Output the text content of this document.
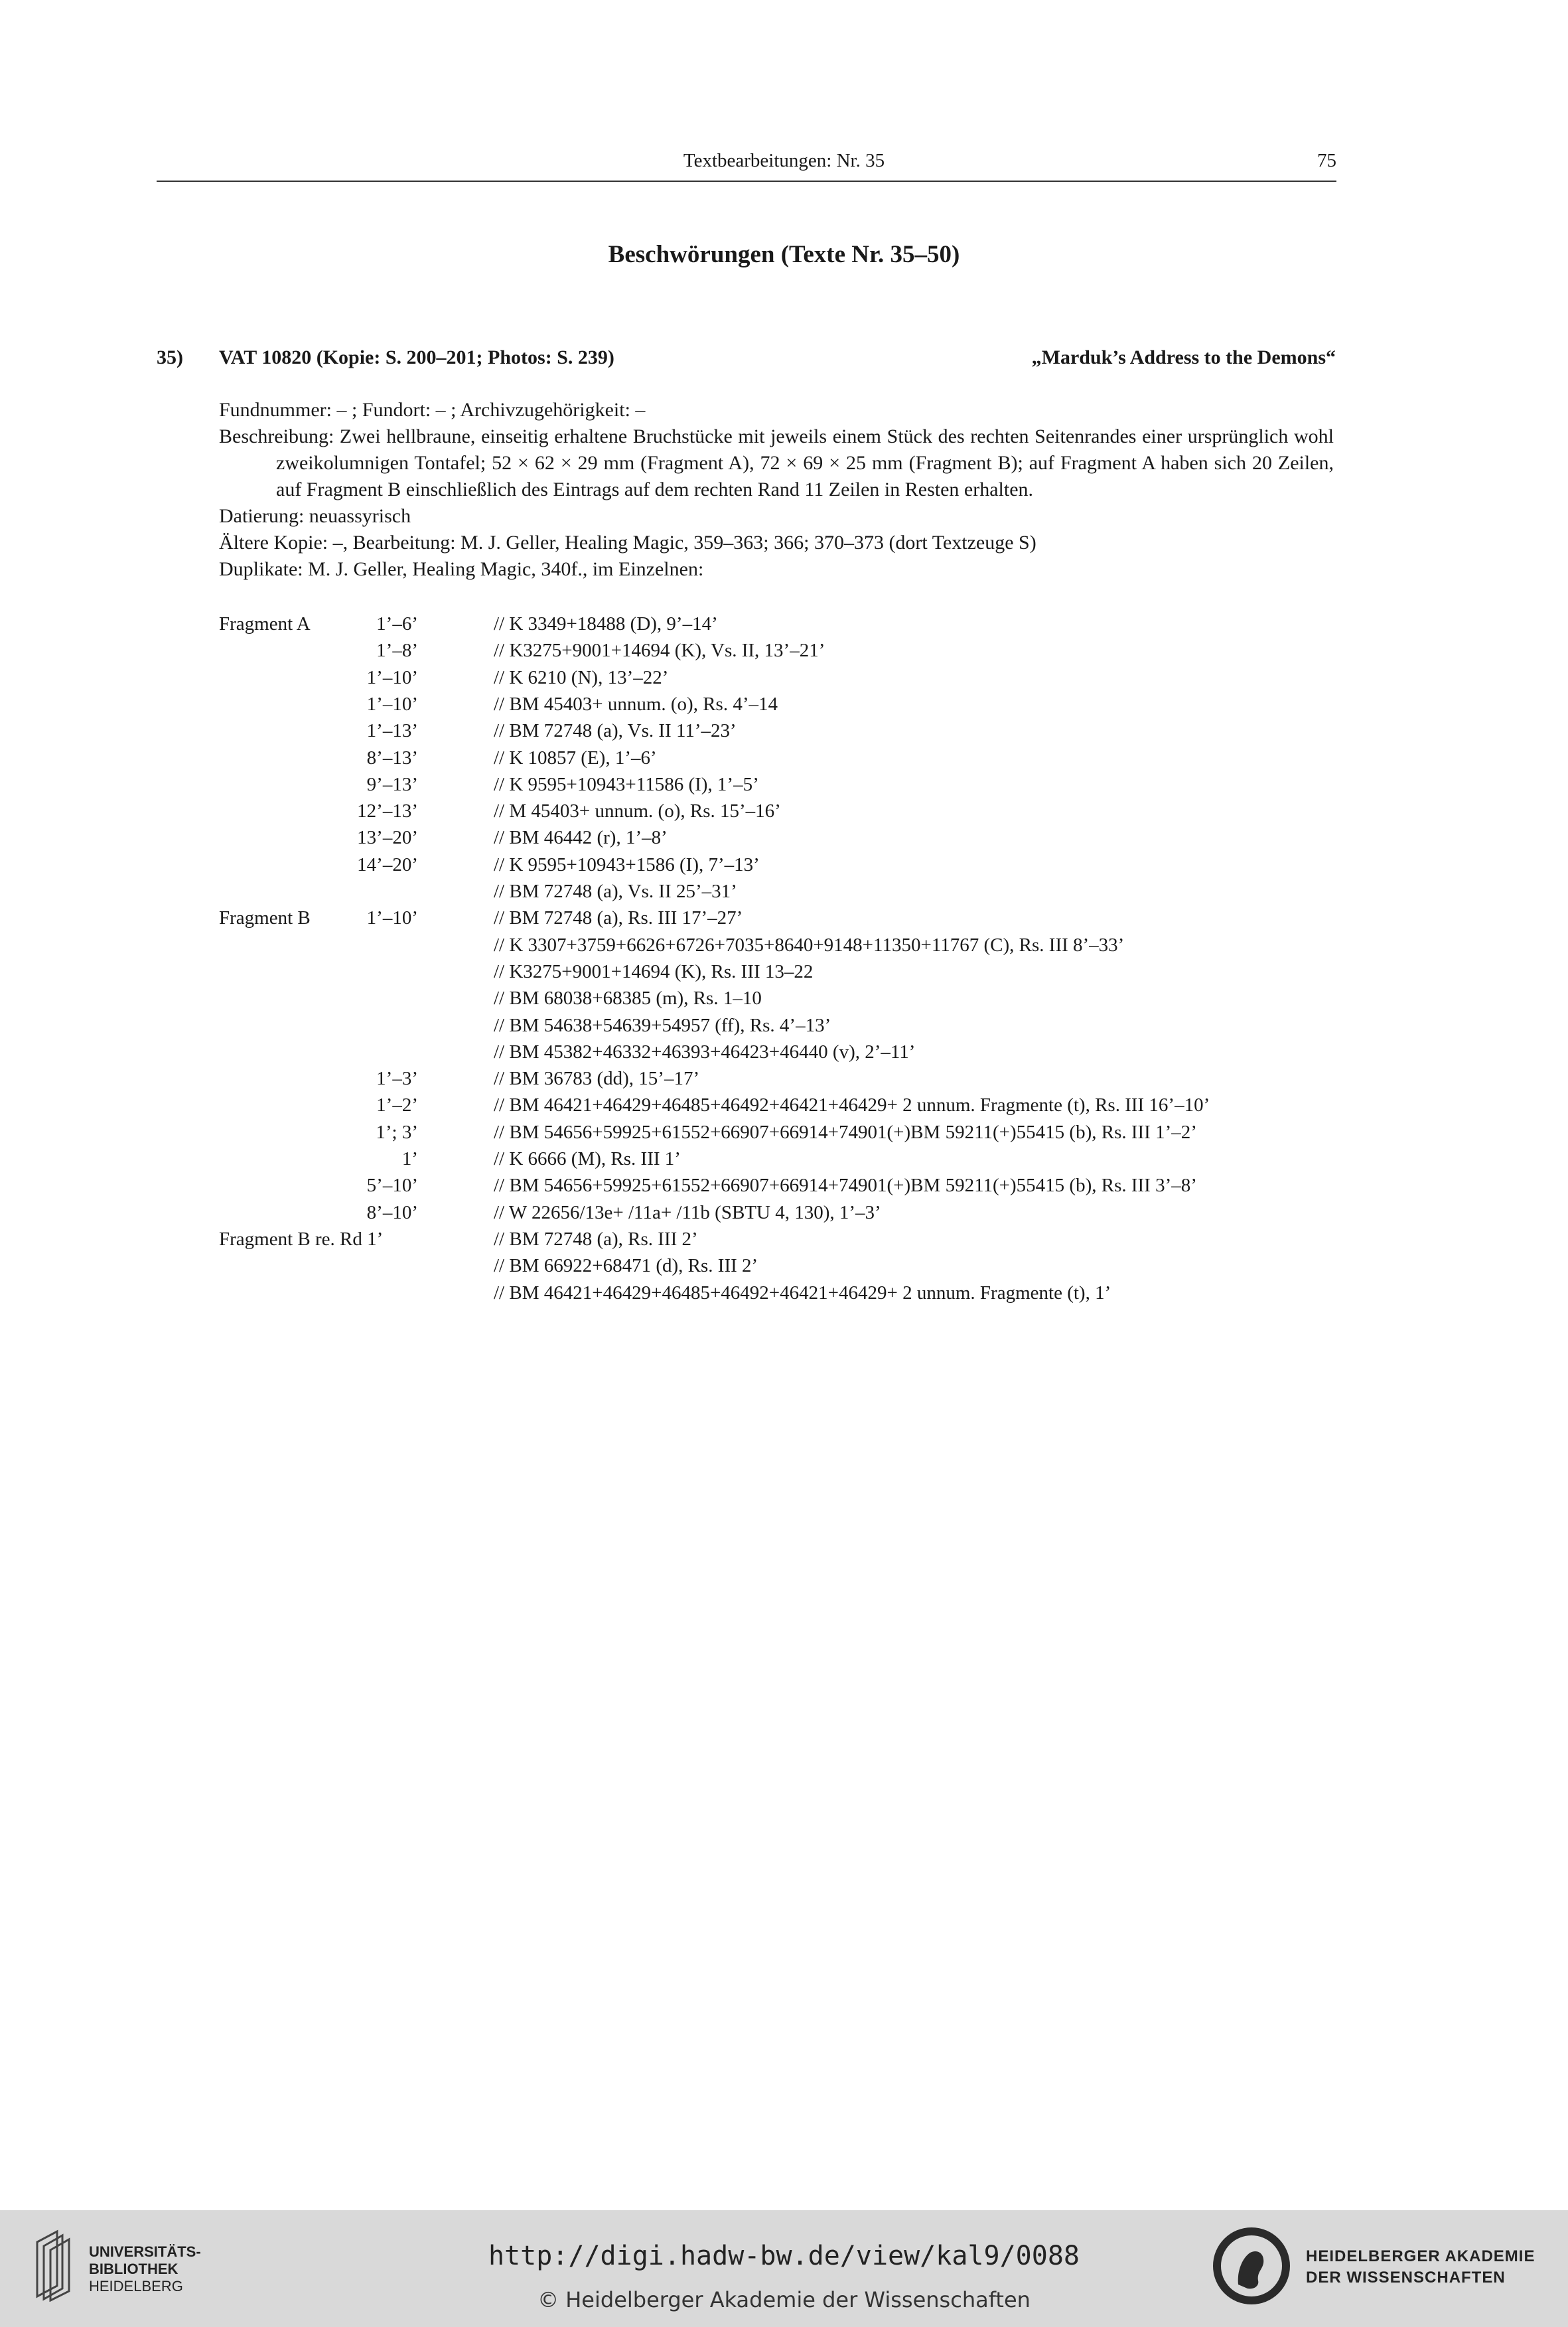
Textbearbeitungen: Nr. 35	75
Beschwörungen (Texte Nr. 35–50)
35) VAT 10820 (Kopie: S. 200–201; Photos: S. 239)	„Marduk’s Address to the Demons“
Fundnummer: – ; Fundort: – ; Archivzugehörigkeit: –
Beschreibung: Zwei hellbraune, einseitig erhaltene Bruchstücke mit jeweils einem Stück des rechten Seitenrandes einer ursprünglich wohl zweikolumnigen Tontafel; 52 × 62 × 29 mm (Fragment A), 72 × 69 × 25 mm (Fragment B); auf Fragment A haben sich 20 Zeilen, auf Fragment B einschließlich des Eintrags auf dem rechten Rand 11 Zeilen in Resten erhalten.
Datierung: neuassyrisch
Ältere Kopie: –, Bearbeitung: M. J. Geller, Healing Magic, 359–363; 366; 370–373 (dort Textzeuge S)
Duplikate: M. J. Geller, Healing Magic, 340f., im Einzelnen:
Fragment A	1’–6’	// K 3349+18488 (D), 9’–14’
1’–8’	// K3275+9001+14694 (K), Vs. II, 13’–21’
1’–10’	// K 6210 (N), 13’–22’
1’–10’	// BM 45403+ unnum. (o), Rs. 4’–14
1’–13’	// BM 72748 (a), Vs. II 11’–23’
8’–13’	// K 10857 (E), 1’–6’
9’–13’	// K 9595+10943+11586 (I), 1’–5’
12’–13’	// M 45403+ unnum. (o), Rs. 15’–16’
13’–20’	// BM 46442 (r), 1’–8’
14’–20’	// K 9595+10943+1586 (I), 7’–13’
// BM 72748 (a), Vs. II 25’–31’
Fragment B	1’–10’	// BM 72748 (a), Rs. III 17’–27’
// K 3307+3759+6626+6726+7035+8640+9148+11350+11767 (C), Rs. III 8’–33’
// K3275+9001+14694 (K), Rs. III 13–22
// BM 68038+68385 (m), Rs. 1–10
// BM 54638+54639+54957 (ff), Rs. 4’–13’
// BM 45382+46332+46393+46423+46440 (v), 2’–11’
1’–3’	// BM 36783 (dd), 15’–17’
1’–2’	// BM 46421+46429+46485+46492+46421+46429+ 2 unnum. Fragmente (t), Rs. III 16’–10’
1’; 3’	// BM 54656+59925+61552+66907+66914+74901(+)BM 59211(+)55415 (b), Rs. III 1’–2’
1’	// K 6666 (M), Rs. III 1’
5’–10’	// BM 54656+59925+61552+66907+66914+74901(+)BM 59211(+)55415 (b), Rs. III 3’–8’
8’–10’	// W 22656/13e+ /11a+ /11b (SBTU 4, 130), 1’–3’
Fragment B re. Rd 1’	// BM 72748 (a), Rs. III 2’
// BM 66922+68471 (d), Rs. III 2’
// BM 46421+46429+46485+46492+46421+46429+ 2 unnum. Fragmente (t), 1’
UNIVERSITÄTS-
BIBLIOTHEK
HEIDELBERG
http://digi.hadw-bw.de/view/kal9/0088
© Heidelberger Akademie der Wissenschaften
HEIDELBERGER AKADEMIE
DER WISSENSCHAFTEN
